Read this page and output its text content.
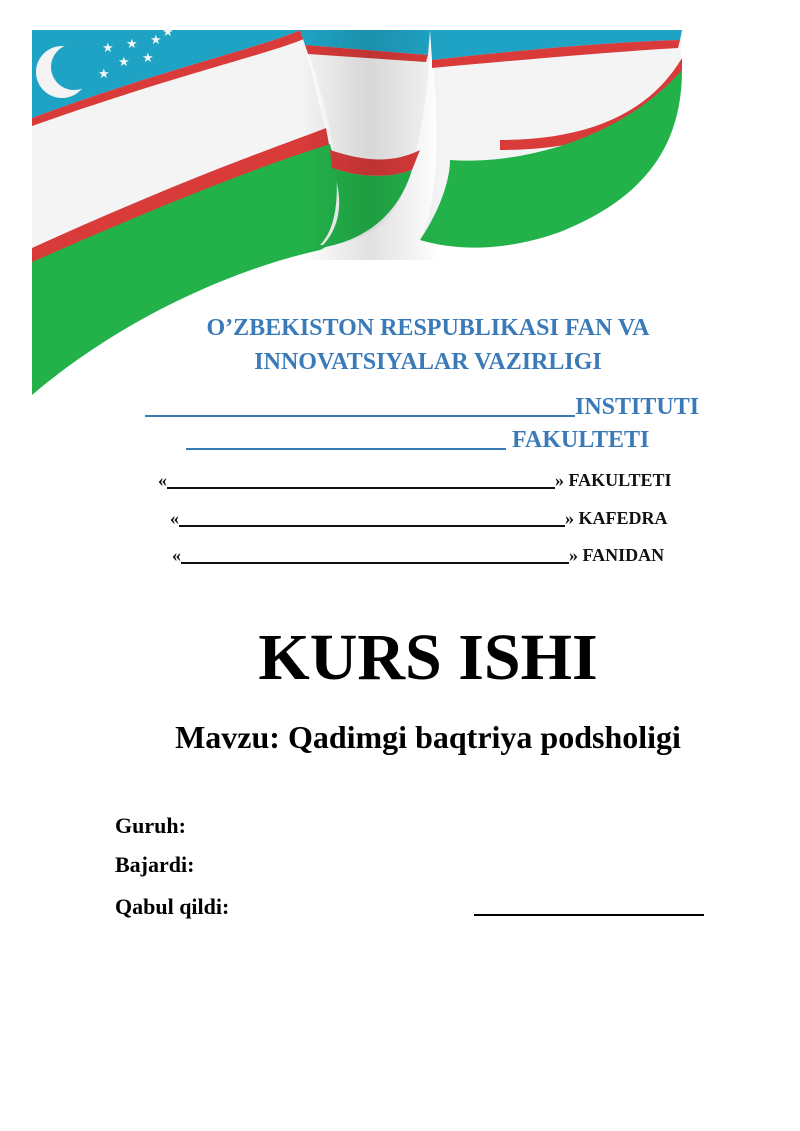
★ ★ ★
★ ★
★
★
O’ZBEKISTON RESPUBLIKASI FAN VA
INNOVATSIYALAR VAZIRLIGI
INSTITUTI
FAKULTETI
«	» FAKULTETI
«	» KAFEDRA
«	» FANIDAN
KURS ISHI
Mavzu: Qadimgi baqtriya podsholigi
Guruh:
Bajardi:
Qabul qildi:
